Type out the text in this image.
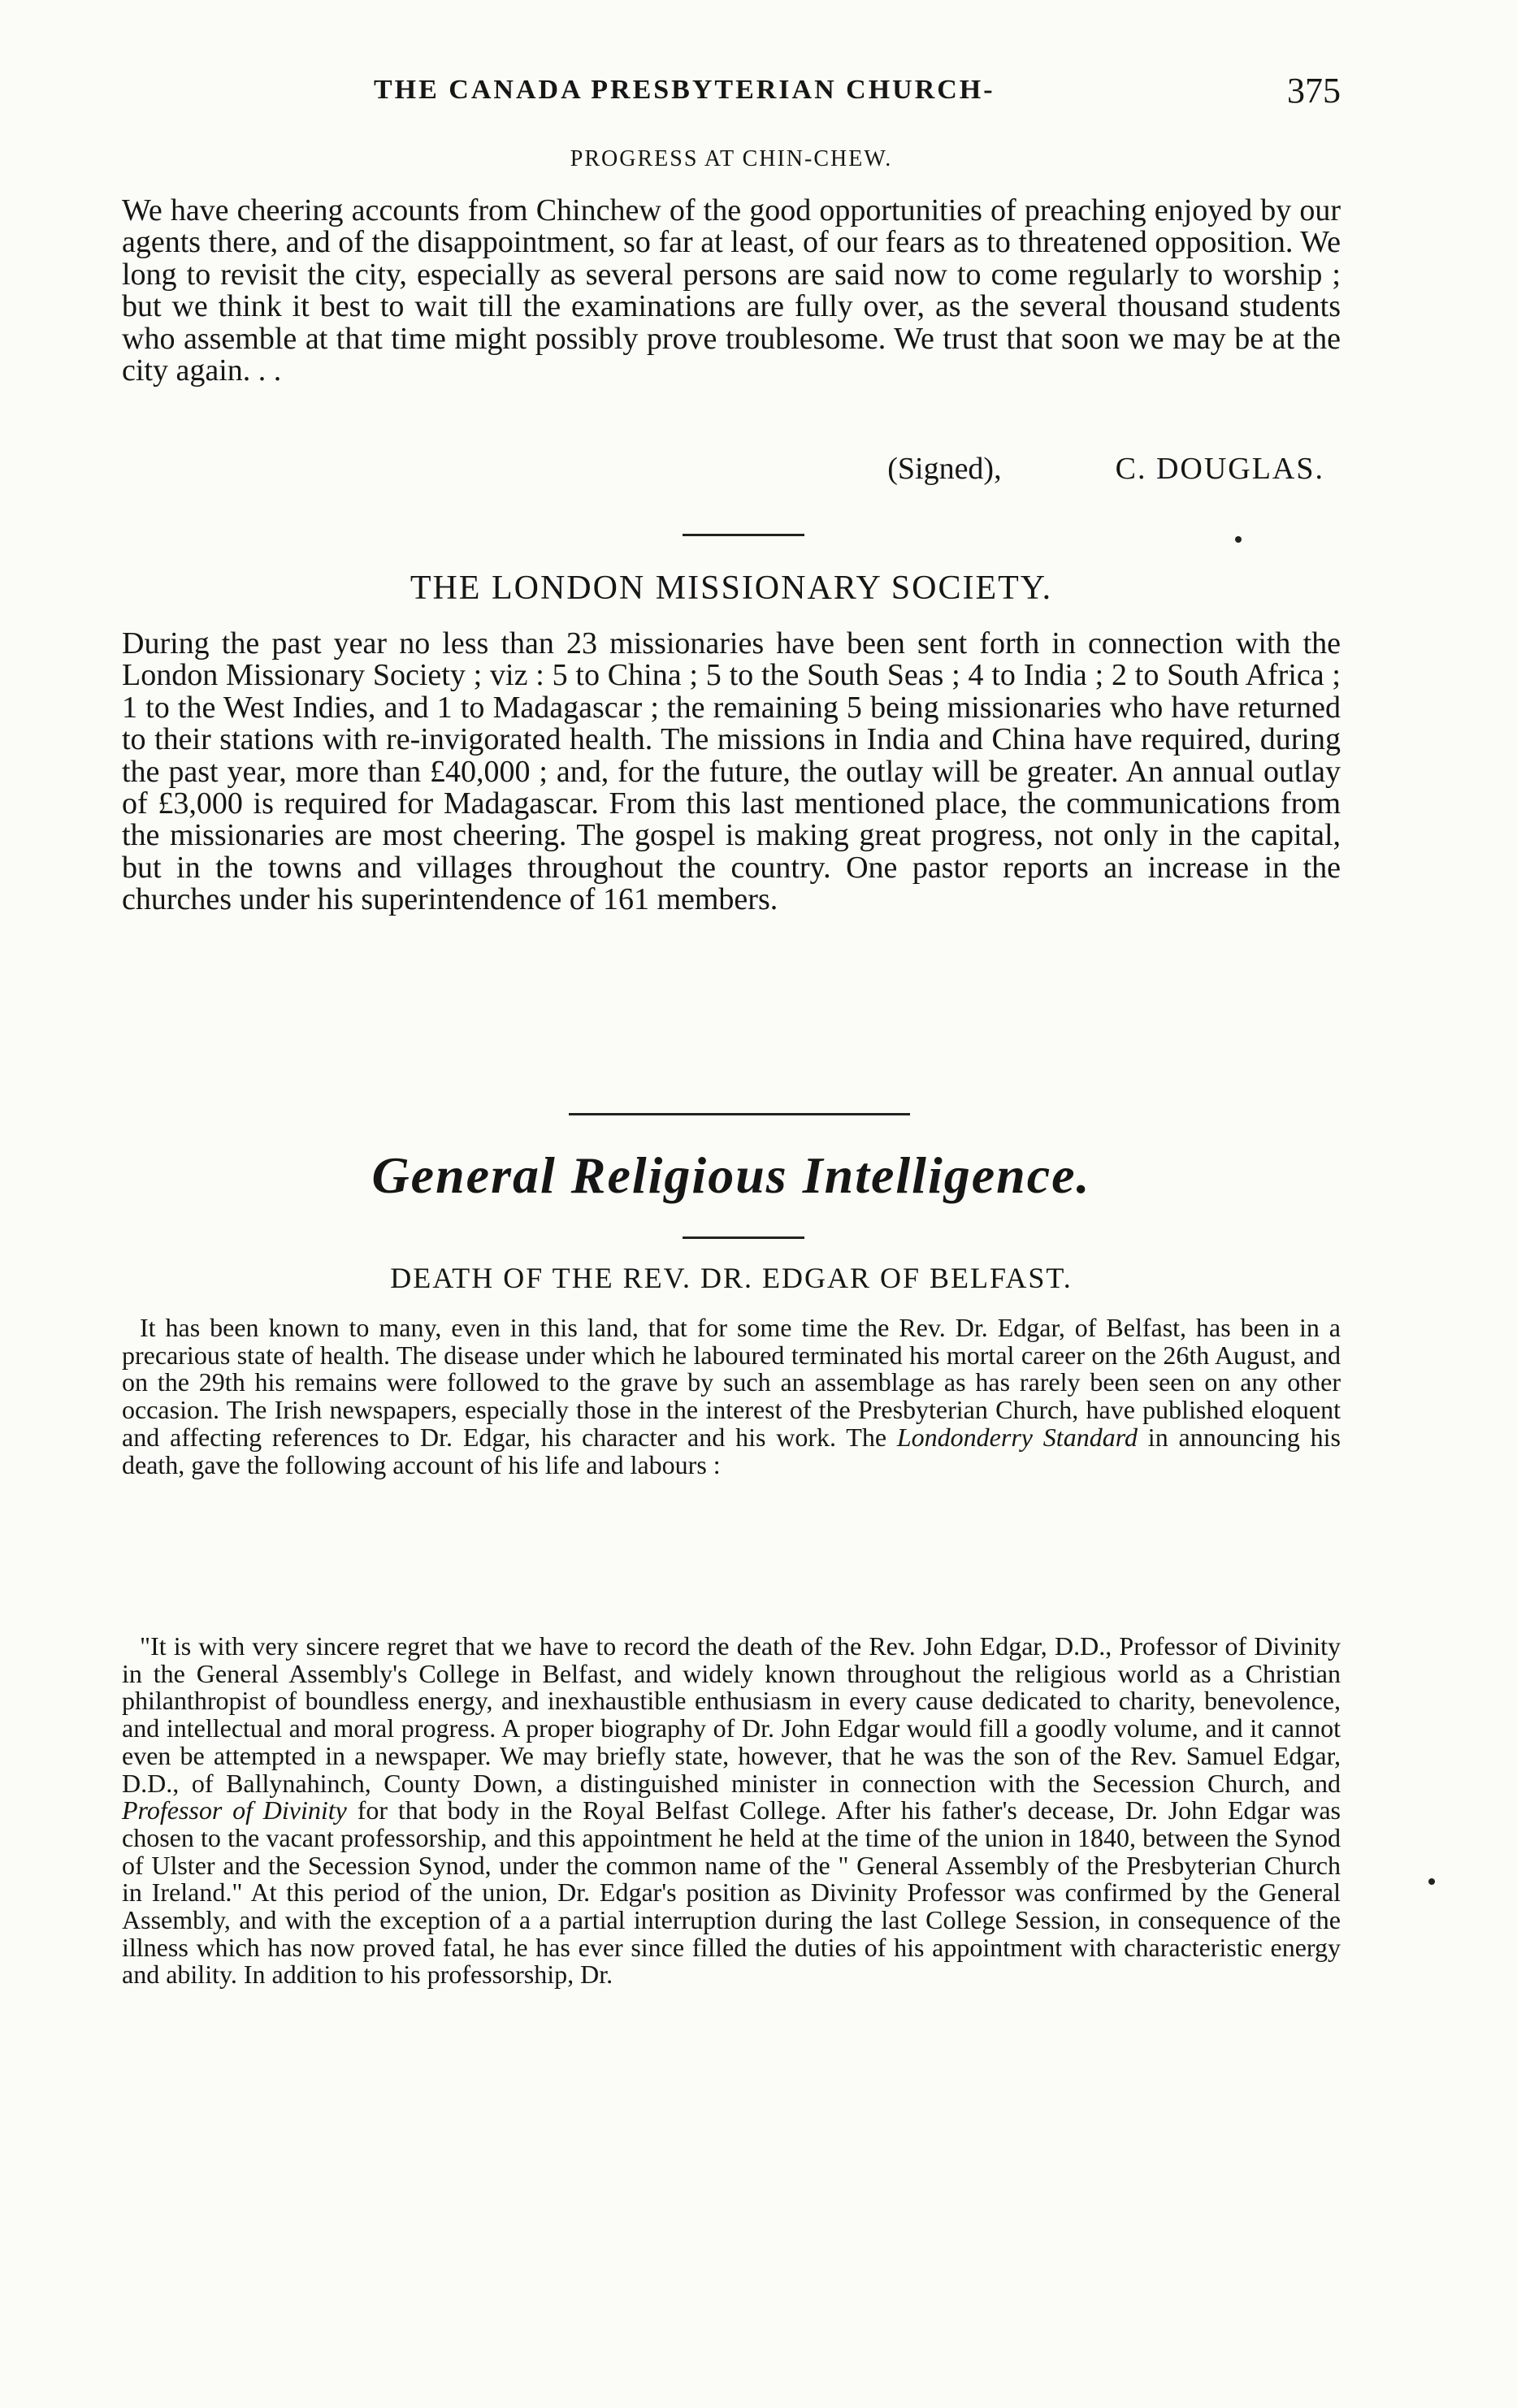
THE CANADA PRESBYTERIAN CHURCH-	375
PROGRESS AT CHIN-CHEW.

We have cheering accounts from Chinchew of the good opportunities of preaching enjoyed by our agents there, and of the disappointment, so far at least, of our fears as to threatened opposition. We long to revisit the city, especially as several persons are said now to come regularly to worship ; but we think it best to wait till the examinations are fully over, as the several thousand students who assemble at that time might possibly prove troublesome. We trust that soon we may be at the city again. . .

(Signed),	C. DOUGLAS.
THE LONDON MISSIONARY SOCIETY.

During the past year no less than 23 missionaries have been sent forth in connection with the London Missionary Society ; viz : 5 to China ; 5 to the South Seas ; 4 to India ; 2 to South Africa ; 1 to the West Indies, and 1 to Madagascar ; the remaining 5 being missionaries who have returned to their stations with re-invigorated health. The missions in India and China have required, during the past year, more than £40,000 ; and, for the future, the outlay will be greater. An annual outlay of £3,000 is required for Madagascar. From this last mentioned place, the communications from the missionaries are most cheering. The gospel is making great progress, not only in the capital, but in the towns and villages throughout the country. One pastor reports an increase in the churches under his superintendence of 161 members.

General Religious Intelligence.
DEATH OF THE REV. DR. EDGAR OF BELFAST.

It has been known to many, even in this land, that for some time the Rev. Dr. Edgar, of Belfast, has been in a precarious state of health. The disease under which he laboured terminated his mortal career on the 26th August, and on the 29th his remains were followed to the grave by such an assemblage as has rarely been seen on any other occasion. The Irish newspapers, especially those in the interest of the Presbyterian Church, have published eloquent and affecting references to Dr. Edgar, his character and his work. The Londonderry Standard in announcing his death, gave the following account of his life and labours :

"It is with very sincere regret that we have to record the death of the Rev. John Edgar, D.D., Professor of Divinity in the General Assembly's College in Belfast, and widely known throughout the religious world as a Christian philanthropist of boundless energy, and inexhaustible enthusiasm in every cause dedicated to charity, benevolence, and intellectual and moral progress. A proper biography of Dr. John Edgar would fill a goodly volume, and it cannot even be attempted in a newspaper. We may briefly state, however, that he was the son of the Rev. Samuel Edgar, D.D., of Ballynahinch, County Down, a distinguished minister in connection with the Secession Church, and Professor of Divinity for that body in the Royal Belfast College. After his father's decease, Dr. John Edgar was chosen to the vacant professorship, and this appointment he held at the time of the union in 1840, between the Synod of Ulster and the Secession Synod, under the common name of the " General Assembly of the Presbyterian Church in Ireland." At this period of the union, Dr. Edgar's position as Divinity Professor was confirmed by the General Assembly, and with the exception of a a partial interruption during the last College Session, in consequence of the illness which has now proved fatal, he has ever since filled the duties of his appointment with characteristic energy and ability. In addition to his professorship, Dr.
